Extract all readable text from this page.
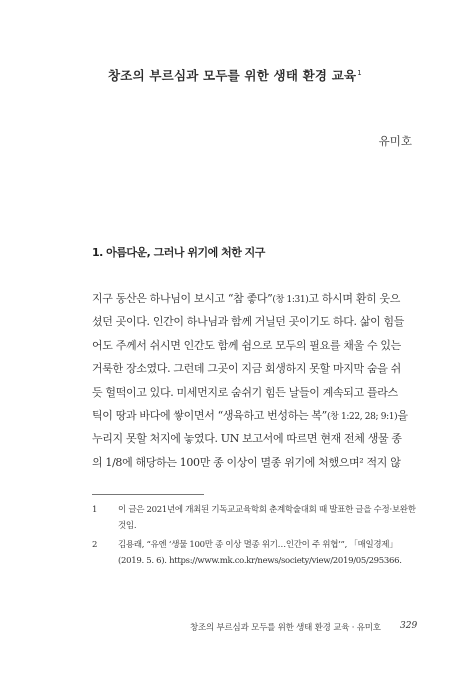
창조의 부르심과 모두를 위한 생태 환경 교육$^1$
유미호
1. 아름다운, 그러나 위기에 처한 지구
지구 동산은 하나님이 보시고 “참 좋다”(창 1:31)고 하시며 환히 웃으
셨던 곳이다. 인간이 하나님과 함께 거닐던 곳이기도 하다. 삶이 힘들
어도 주께서 쉬시면 인간도 함께 쉼으로 모두의 필요를 채울 수 있는
거룩한 장소였다. 그런데 그곳이 지금 회생하지 못할 마지막 숨을 쉬
듯 헐떡이고 있다. 미세먼지로 숨쉬기 힘든 날들이 계속되고 플라스
틱이 땅과 바다에 쌓이면서 “생육하고 번성하는 복”(창 1:22, 28; 9:1)을
누리지 못할 처지에 놓였다. UN 보고서에 따르면 현재 전체 생물 종
의 1/8에 해당하는 100만 종 이상이 멸종 위기에 처했으며² 적지 않
1 이 글은 2021년에 개최된 기독교교육학회 춘계학술대회 때 발표한 글을 수정·보완한 것임.
2 김용래, “유엔 ‘생물 100만 종 이상 멸종 위기…인간이 주 위협’”, 「매일경제」(2019. 5. 6). https://www.mk.co.kr/news/society/view/2019/05/295366.
창조의 부르심과 모두를 위한 생태 환경 교육 · 유미호 329
